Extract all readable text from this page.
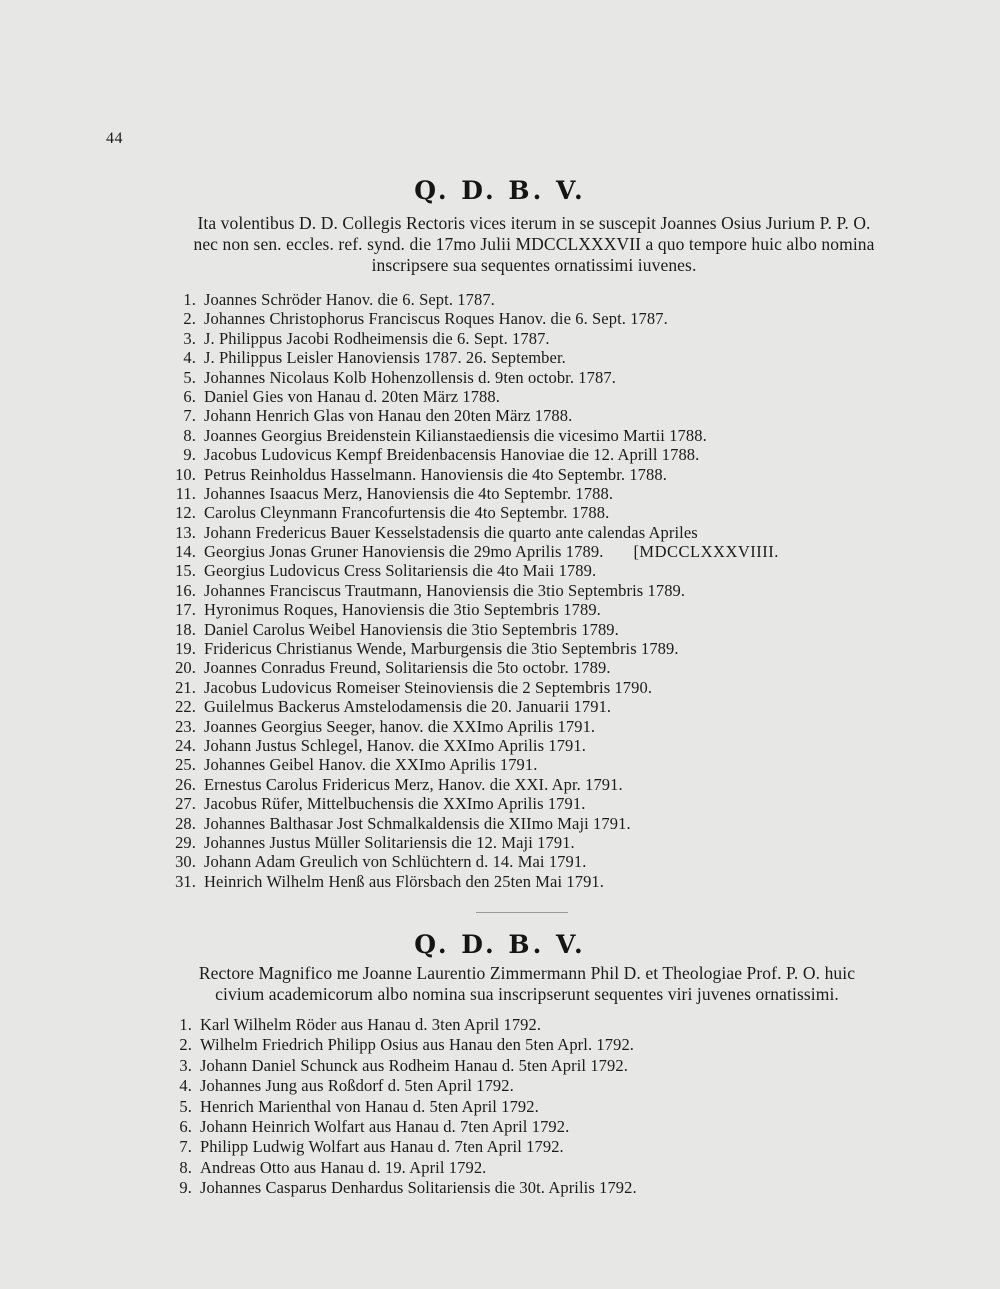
44
Q. D. B. V.
Ita volentibus D. D. Collegis Rectoris vices iterum in se suscepit Joannes Osius Jurium P. P. O.
nec non sen. eccles. ref. synd. die 17mo Julii MDCCLXXXVII a quo tempore huic albo nomina
inscripsere sua sequentes ornatissimi iuvenes.
1. Joannes Schröder Hanov. die 6. Sept. 1787.
2. Johannes Christophorus Franciscus Roques Hanov. die 6. Sept. 1787.
3. J. Philippus Jacobi Rodheimensis die 6. Sept. 1787.
4. J. Philippus Leisler Hanoviensis 1787. 26. September.
5. Johannes Nicolaus Kolb Hohenzollensis d. 9ten octobr. 1787.
6. Daniel Gies von Hanau d. 20ten März 1788.
7. Johann Henrich Glas von Hanau den 20ten März 1788.
8. Joannes Georgius Breidenstein Kilianstaediensis die vicesimo Martii 1788.
9. Jacobus Ludovicus Kempf Breidenbacensis Hanoviae die 12. Aprill 1788.
10. Petrus Reinholdus Hasselmann. Hanoviensis die 4to Septembr. 1788.
11. Johannes Isaacus Merz, Hanoviensis die 4to Septembr. 1788.
12. Carolus Cleynmann Francofurtensis die 4to Septembr. 1788.
13. Johann Fredericus Bauer Kesselstadensis die quarto ante calendas Apriles
14. Georgius Jonas Gruner Hanoviensis die 29mo Aprilis 1789. [MDCCLXXXVIIII.
15. Georgius Ludovicus Cress Solitariensis die 4to Maii 1789.
16. Johannes Franciscus Trautmann, Hanoviensis die 3tio Septembris 1789.
17. Hyronimus Roques, Hanoviensis die 3tio Septembris 1789.
18. Daniel Carolus Weibel Hanoviensis die 3tio Septembris 1789.
19. Fridericus Christianus Wende, Marburgensis die 3tio Septembris 1789.
20. Joannes Conradus Freund, Solitariensis die 5to octobr. 1789.
21. Jacobus Ludovicus Romeiser Steinoviensis die 2 Septembris 1790.
22. Guilelmus Backerus Amstelodamensis die 20. Januarii 1791.
23. Joannes Georgius Seeger, hanov. die XXImo Aprilis 1791.
24. Johann Justus Schlegel, Hanov. die XXImo Aprilis 1791.
25. Johannes Geibel Hanov. die XXImo Aprilis 1791.
26. Ernestus Carolus Fridericus Merz, Hanov. die XXI. Apr. 1791.
27. Jacobus Rüfer, Mittelbuchensis die XXImo Aprilis 1791.
28. Johannes Balthasar Jost Schmalkaldensis die XIImo Maji 1791.
29. Johannes Justus Müller Solitariensis die 12. Maji 1791.
30. Johann Adam Greulich von Schlüchtern d. 14. Mai 1791.
31. Heinrich Wilhelm Henß aus Flörsbach den 25ten Mai 1791.
Q. D. B. V.
Rectore Magnifico me Joanne Laurentio Zimmermann Phil D. et Theologiae Prof. P. O. huic
civium academicorum albo nomina sua inscripserunt sequentes viri juvenes ornatissimi.
1. Karl Wilhelm Röder aus Hanau d. 3ten April 1792.
2. Wilhelm Friedrich Philipp Osius aus Hanau den 5ten Aprl. 1792.
3. Johann Daniel Schunck aus Rodheim Hanau d. 5ten April 1792.
4. Johannes Jung aus Roßdorf d. 5ten April 1792.
5. Henrich Marienthal von Hanau d. 5ten April 1792.
6. Johann Heinrich Wolfart aus Hanau d. 7ten April 1792.
7. Philipp Ludwig Wolfart aus Hanau d. 7ten April 1792.
8. Andreas Otto aus Hanau d. 19. April 1792.
9. Johannes Casparus Denhardus Solitariensis die 30t. Aprilis 1792.
